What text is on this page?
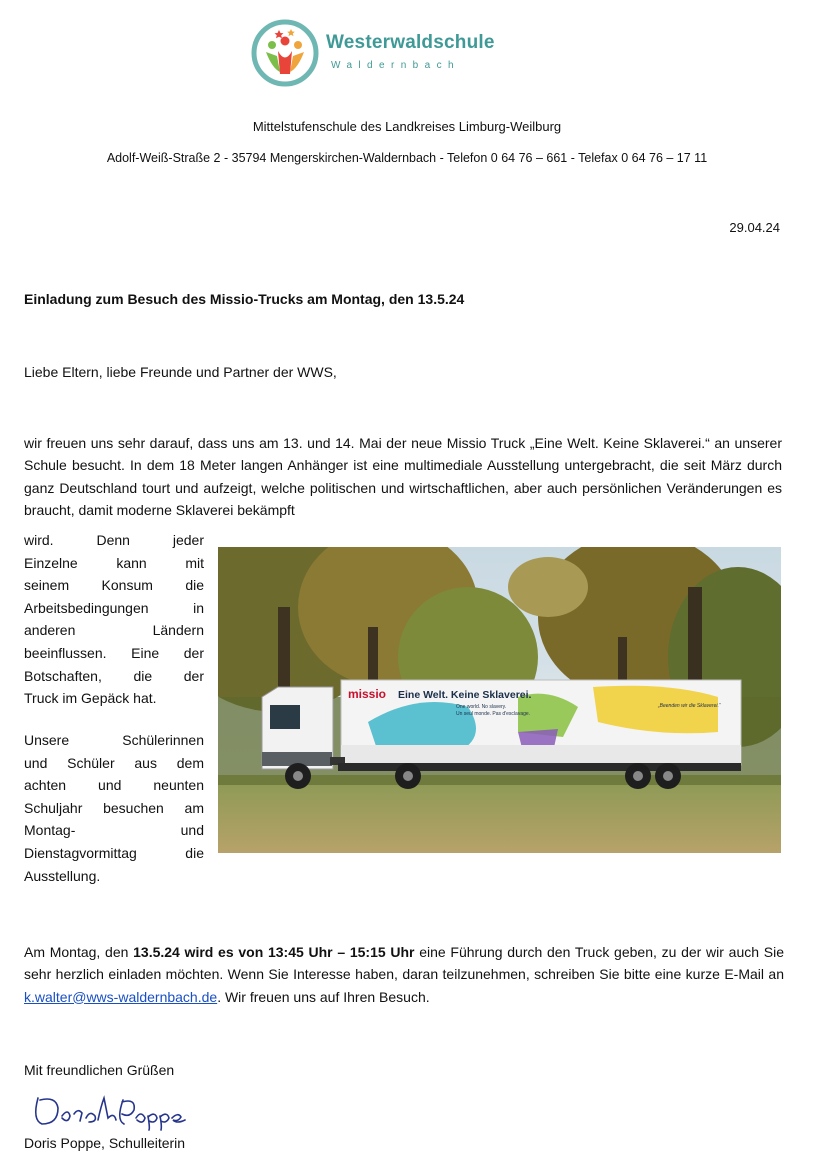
Westerwaldschule
Waldernbach
Mittelstufenschule des Landkreises Limburg-Weilburg
Adolf-Weiß-Straße 2 - 35794 Mengerskirchen-Waldernbach - Telefon 0 64 76 – 661 - Telefax 0 64 76 – 17 11
29.04.24
Einladung zum Besuch des Missio-Trucks am Montag, den 13.5.24
Liebe Eltern, liebe Freunde und Partner der WWS,

wir freuen uns sehr darauf, dass uns am 13. und 14. Mai der neue Missio Truck „Eine Welt. Keine Sklaverei.“ an unserer Schule besucht. In dem 18 Meter langen Anhänger ist eine multimediale Ausstellung untergebracht, die seit März durch ganz Deutschland tourt und aufzeigt, welche politischen und wirtschaftlichen, aber auch persönlichen Veränderungen es braucht, damit moderne Sklaverei bekämpft

wird. Denn jeder

Einzelne kann mit

seinem Konsum die

Arbeitsbedingungen in

anderen Ländern

beeinflussen. Eine der

Botschaften, die der

Truck im Gepäck hat.

Unsere Schülerinnen

und Schüler aus dem

achten und neunten

Schuljahr besuchen am

Montag- und

Dienstagvormittag die

Ausstellung.

missio Eine Welt. Keine Sklaverei.
One world. No slavery.
Un seul monde. Pas d'esclavage.
„Beenden wir die Sklaverei.“

Am Montag, den 13.5.24 wird es von 13:45 Uhr – 15:15 Uhr eine Führung durch den Truck geben, zu der wir auch Sie sehr herzlich einladen möchten. Wenn Sie Interesse haben, daran teilzunehmen, schreiben Sie bitte eine kurze E-Mail an k.walter@wws-waldernbach.de. Wir freuen uns auf Ihren Besuch.

Mit freundlichen Grüßen
Doris Poppe, Schulleiterin
